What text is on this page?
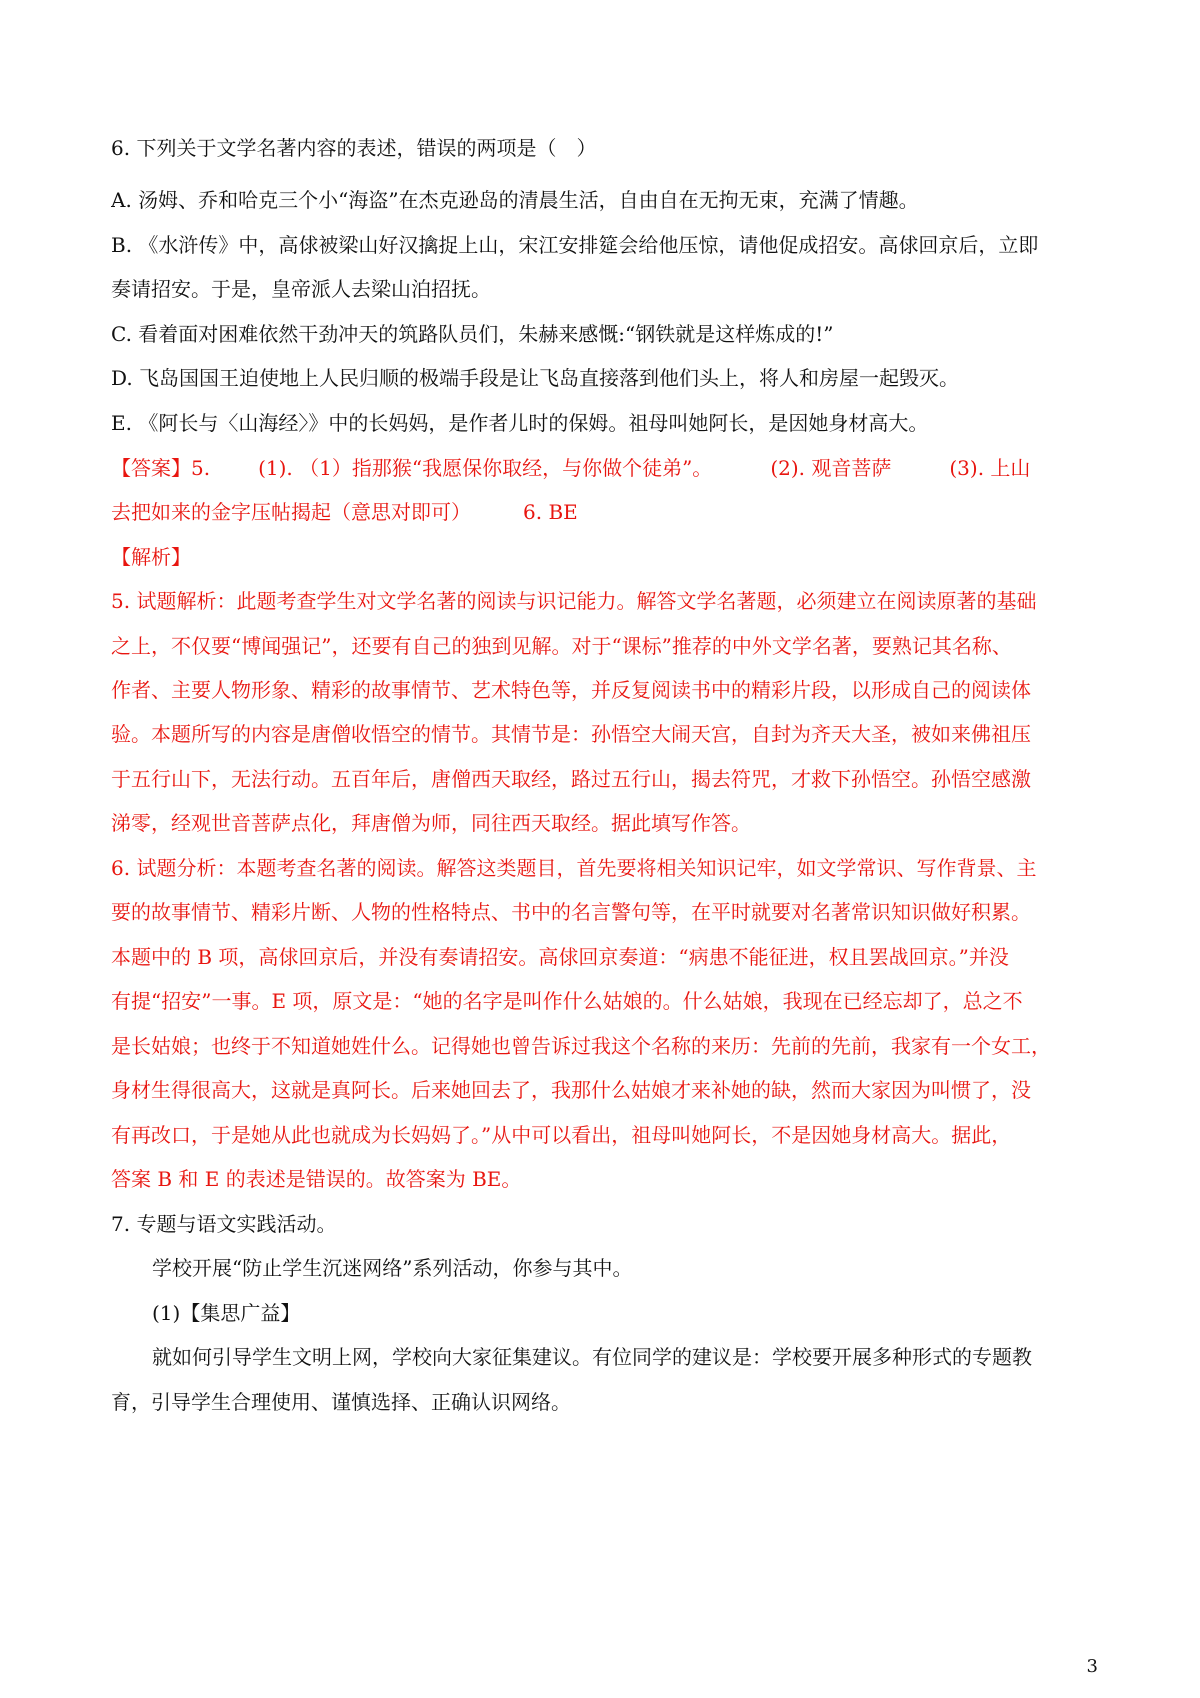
6. 下列关于文学名著内容的表述，错误的两项是（　）
A. 汤姆、乔和哈克三个小“海盗”在杰克逊岛的清晨生活，自由自在无拘无束，充满了情趣。
B. 《水浒传》中，高俅被梁山好汉擒捉上山，宋江安排筵会给他压惊，请他促成招安。高俅回京后，立即
奏请招安。于是，皇帝派人去梁山泊招抚。
C. 看着面对困难依然干劲冲天的筑路队员们，朱赫来感慨:“钢铁就是这样炼成的!”
D. 飞岛国国王迫使地上人民归顺的极端手段是让飞岛直接落到他们头上，将人和房屋一起毁灭。
E. 《阿长与〈山海经〉》中的长妈妈，是作者儿时的保姆。祖母叫她阿长，是因她身材高大。
【答案】5. (1). （1）指那猴“我愿保你取经，与你做个徒弟”。	(2). 观音菩萨	(3). 上山
去把如来的金字压帖揭起（意思对即可）	6. BE
【解析】
5. 试题解析：此题考查学生对文学名著的阅读与识记能力。解答文学名著题，必须建立在阅读原著的基础
之上，不仅要“博闻强记”，还要有自己的独到见解。对于“课标”推荐的中外文学名著，要熟记其名称、
作者、主要人物形象、精彩的故事情节、艺术特色等，并反复阅读书中的精彩片段，以形成自己的阅读体
验。本题所写的内容是唐僧收悟空的情节。其情节是：孙悟空大闹天宫，自封为齐天大圣，被如来佛祖压
于五行山下，无法行动。五百年后，唐僧西天取经，路过五行山，揭去符咒，才救下孙悟空。孙悟空感激
涕零，经观世音菩萨点化，拜唐僧为师，同往西天取经。据此填写作答。
6. 试题分析：本题考查名著的阅读。解答这类题目，首先要将相关知识记牢，如文学常识、写作背景、主
要的故事情节、精彩片断、人物的性格特点、书中的名言警句等，在平时就要对名著常识知识做好积累。
本题中的 B 项，高俅回京后，并没有奏请招安。高俅回京奏道：“病患不能征进，权且罢战回京。”并没
有提“招安”一事。E 项，原文是：“她的名字是叫作什么姑娘的。什么姑娘，我现在已经忘却了，总之不
是长姑娘；也终于不知道她姓什么。记得她也曾告诉过我这个名称的来历：先前的先前，我家有一个女工，
身材生得很高大，这就是真阿长。后来她回去了，我那什么姑娘才来补她的缺，然而大家因为叫惯了，没
有再改口，于是她从此也就成为长妈妈了。”从中可以看出，祖母叫她阿长，不是因她身材高大。据此，
答案 B 和 E 的表述是错误的。故答案为 BE。
7. 专题与语文实践活动。
学校开展“防止学生沉迷网络”系列活动，你参与其中。
(1)【集思广益】
就如何引导学生文明上网，学校向大家征集建议。有位同学的建议是：学校要开展多种形式的专题教
育，引导学生合理使用、谨慎选择、正确认识网络。
3
